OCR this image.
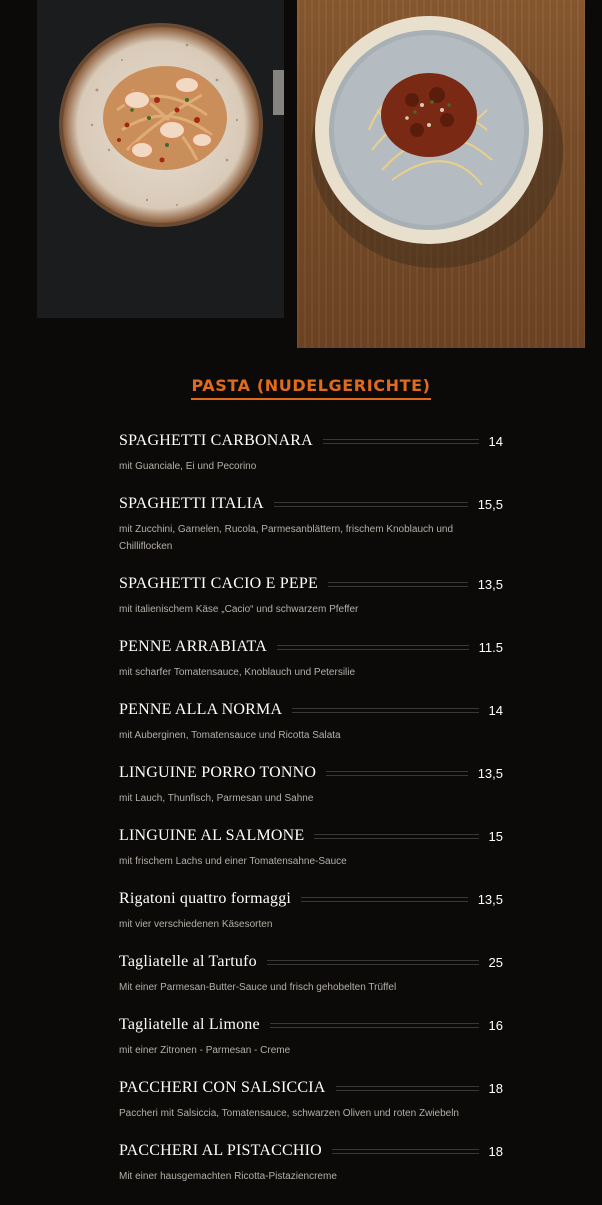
PASTA (NUDELGERICHTE)
SPAGHETTI CARBONARA	14
mit Guanciale, Ei und Pecorino
SPAGHETTI ITALIA	15,5
mit Zucchini, Garnelen, Rucola, Parmesanblättern, frischem Knoblauch und Chilliflocken
SPAGHETTI CACIO E PEPE	13,5
mit italienischem Käse „Cacio“ und schwarzem Pfeffer
PENNE ARRABIATA	11.5
mit scharfer Tomatensauce, Knoblauch und Petersilie
PENNE ALLA NORMA	14
mit Auberginen, Tomatensauce und Ricotta Salata
LINGUINE PORRO TONNO	13,5
mit Lauch, Thunfisch, Parmesan und Sahne
LINGUINE AL SALMONE	15
mit frischem Lachs und einer Tomatensahne-Sauce
Rigatoni quattro formaggi	13,5
mit vier verschiedenen Käsesorten
Tagliatelle al Tartufo	25
Mit einer Parmesan-Butter-Sauce und frisch gehobelten Trüffel
Tagliatelle al Limone	16
mit einer Zitronen - Parmesan - Creme
PACCHERI CON SALSICCIA	18
Paccheri mit Salsiccia, Tomatensauce, schwarzen Oliven und roten Zwiebeln
PACCHERI AL PISTACCHIO	18
Mit einer hausgemachten Ricotta-Pistaziencreme
